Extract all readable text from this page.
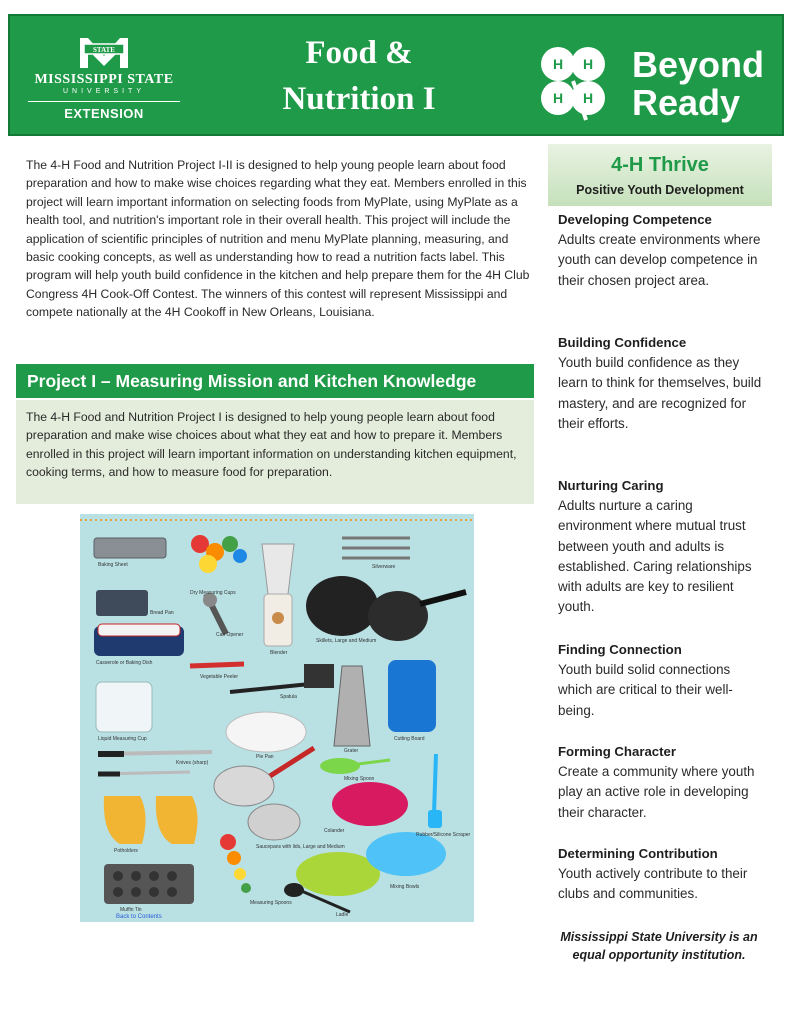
STATE
MISSISSIPPI STATE
UNIVERSITY
EXTENSION
Food &
Nutrition I
H H
H H
Beyond
Ready
The 4-H Food and Nutrition Project I-II is designed to help young people learn about food preparation and how to make wise choices regarding what they eat. Members enrolled in this project will learn important information on selecting foods from MyPlate, using MyPlate as a health tool, and nutrition's important role in their overall health. This project will include the application of scientific principles of nutrition and menu MyPlate planning, measuring, and basic cooking concepts, as well as understanding how to read a nutrition facts label. This program will help youth build confidence in the kitchen and help prepare them for the 4H Club Congress 4H Cook-Off Contest. The winners of this contest will represent Mississippi and compete nationally at the 4H Cookoff in New Orleans, Louisiana.
Project I – Measuring Mission and Kitchen Knowledge
The 4-H Food and Nutrition Project I is designed to help young people learn about food preparation and make wise choices about what they eat and how to prepare it. Members enrolled in this project will learn important information on understanding kitchen equipment, cooking terms, and how to measure food for preparation.
Baking Sheet
Dry Measuring Cups
Silverware
Bread Pan
Can Opener
Skillets, Large and Medium
Casserole or Baking Dish
Blender
Vegetable Peeler
Spatula
Liquid Measuring Cup
Grater
Cutting Board
Pie Pan
Knives (sharp)
Mixing Spoon
Colander
Rubber/Silicone Scraper
Potholders
Saucepans with lids, Large and Medium
Muffin Tin
Measuring Spoons
Ladle
Mixing Bowls
Back to Contents
4-H Thrive
Positive Youth Development
Developing Competence
Adults create environments where youth can develop competence in their chosen project area.
Building Confidence
Youth build confidence as they learn to think for themselves, build mastery, and are recognized for their efforts.
Nurturing Caring
Adults nurture a caring environment where mutual trust between youth and adults is established. Caring relationships with adults are key to resilient youth.
Finding Connection
Youth build solid connections which are critical to their well-being.
Forming Character
Create a community where youth play an active role in developing their character.
Determining Contribution
Youth actively contribute to their clubs and communities.
Mississippi State University is an equal opportunity institution.
